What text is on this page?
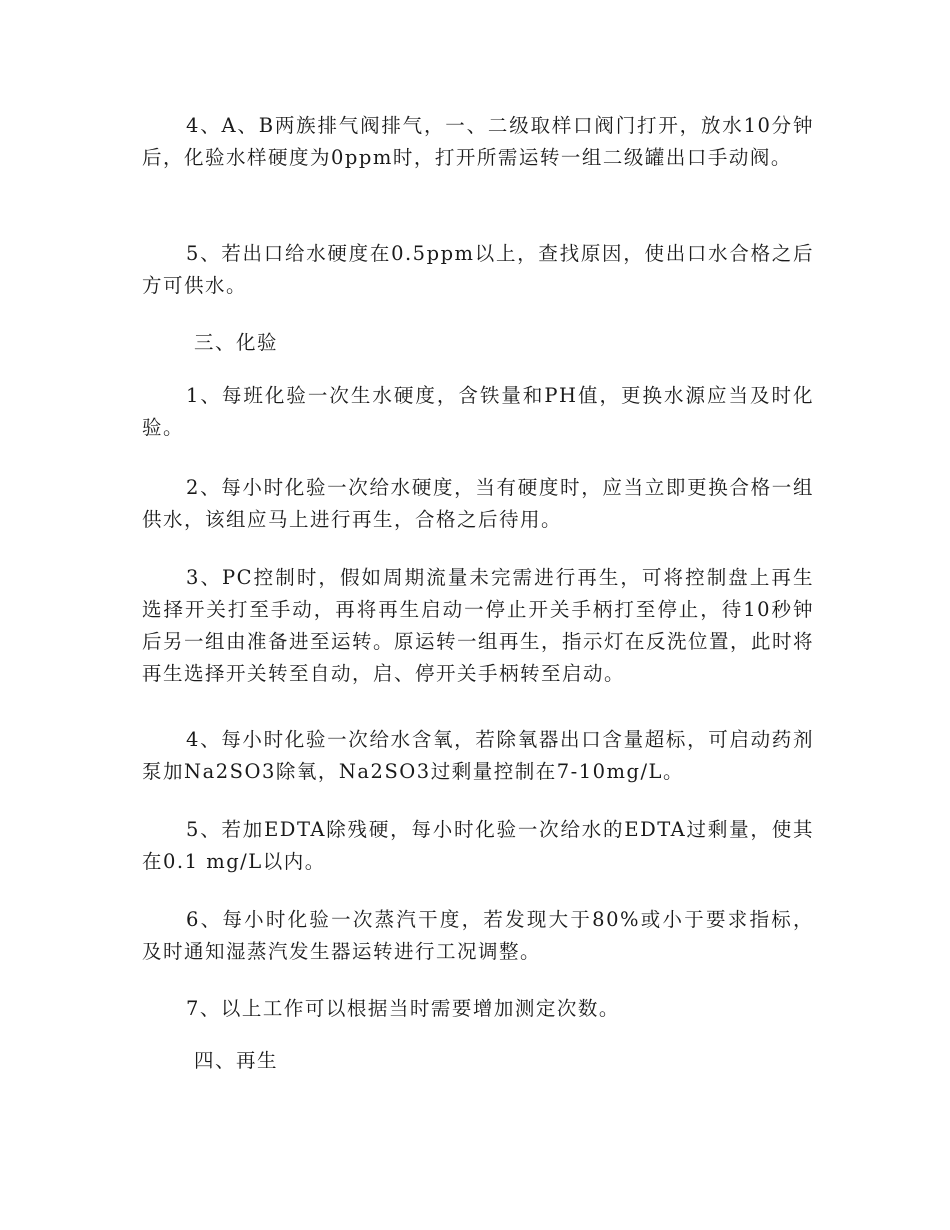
4、A、B两族排气阀排气，一、二级取样口阀门打开，放水10分钟后，化验水样硬度为0ppm时，打开所需运转一组二级罐出口手动阀。

5、若出口给水硬度在0.5ppm以上，查找原因，使出口水合格之后方可供水。

三、化验

1、每班化验一次生水硬度，含铁量和PH值，更换水源应当及时化验。

2、每小时化验一次给水硬度，当有硬度时，应当立即更换合格一组供水，该组应马上进行再生，合格之后待用。

3、PC控制时，假如周期流量未完需进行再生，可将控制盘上再生选择开关打至手动，再将再生启动一停止开关手柄打至停止，待10秒钟后另一组由准备进至运转。原运转一组再生，指示灯在反洗位置，此时将再生选择开关转至自动，启、停开关手柄转至启动。

4、每小时化验一次给水含氧，若除氧器出口含量超标，可启动药剂泵加Na2SO3除氧，Na2SO3过剩量控制在7-10mg/L。

5、若加EDTA除残硬，每小时化验一次给水的EDTA过剩量，使其在0.1 mg/L以内。

6、每小时化验一次蒸汽干度，若发现大于80%或小于要求指标，及时通知湿蒸汽发生器运转进行工况调整。

7、以上工作可以根据当时需要增加测定次数。

四、再生
